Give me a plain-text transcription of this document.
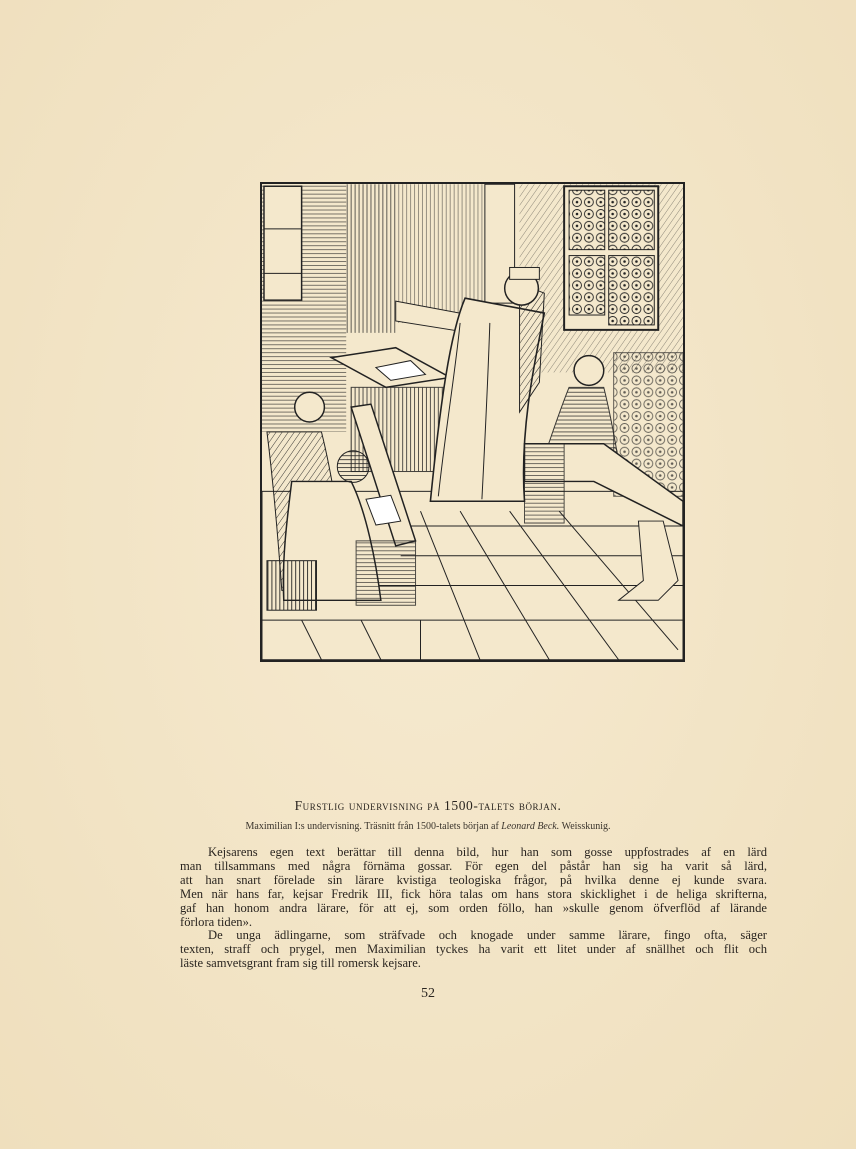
Furstlig undervisning på 1500-talets början.
Maximilian I:s undervisning. Träsnitt från 1500-talets början af Leonard Beck. Weisskunig.

Kejsarens egen text berättar till denna bild, hur han som gosse uppfostrades af en lärd
man tillsammans med några förnäma gossar. För egen del påstår han sig ha varit så lärd,
att han snart förelade sin lärare kvistiga teologiska frågor, på hvilka denne ej kunde svara.
Men när hans far, kejsar Fredrik III, fick höra talas om hans stora skicklighet i de heliga skrifterna,
gaf han honom andra lärare, för att ej, som orden föllo, han »skulle genom öfverflöd af lärande
förlora tiden».

De unga ädlingarne, som sträfvade och knogade under samme lärare, fingo ofta, säger
texten, straff och prygel, men Maximilian tyckes ha varit ett litet under af snällhet och flit och
läste samvetsgrant fram sig till romersk kejsare.

52
